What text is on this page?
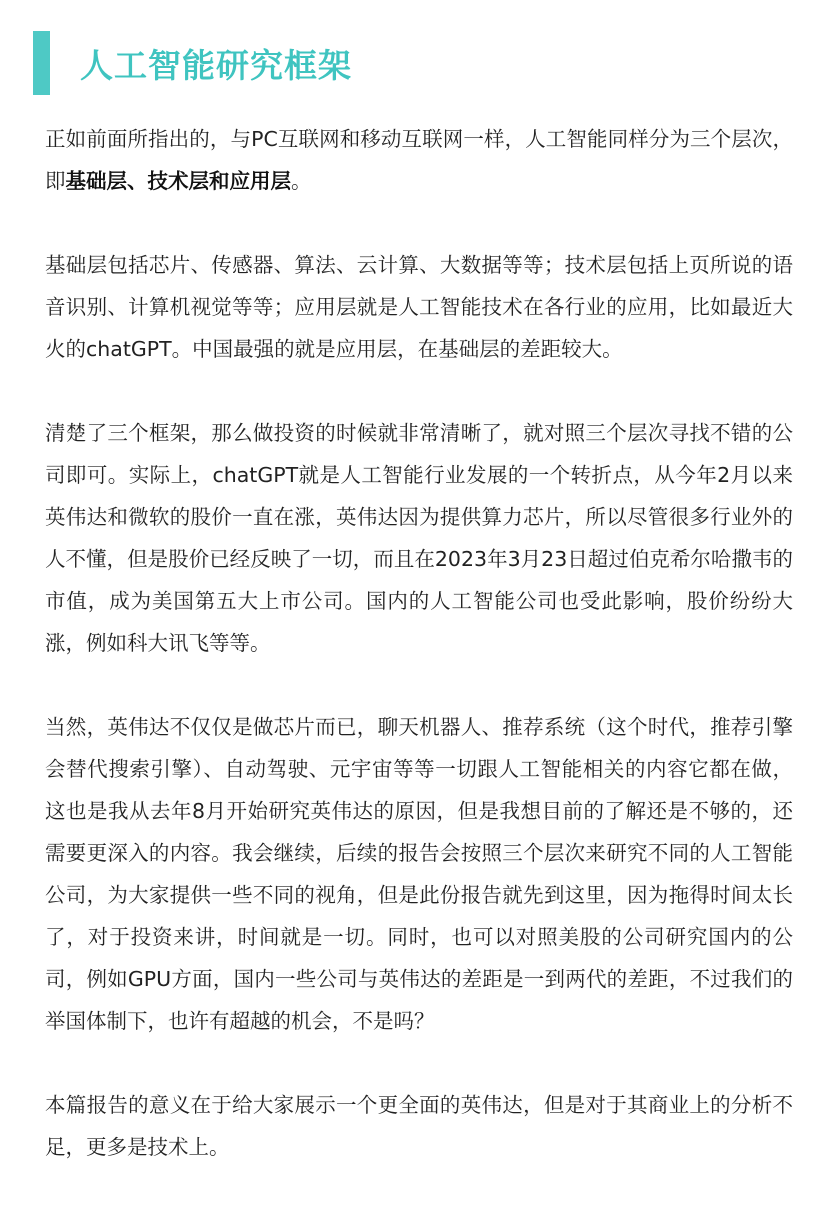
人工智能研究框架

正如前面所指出的，与PC互联网和移动互联网一样，人工智能同样分为三个层次，即基础层、技术层和应用层。

基础层包括芯片、传感器、算法、云计算、大数据等等；技术层包括上页所说的语音识别、计算机视觉等等；应用层就是人工智能技术在各行业的应用，比如最近大火的chatGPT。中国最强的就是应用层，在基础层的差距较大。

清楚了三个框架，那么做投资的时候就非常清晰了，就对照三个层次寻找不错的公司即可。实际上，chatGPT就是人工智能行业发展的一个转折点，从今年2月以来英伟达和微软的股价一直在涨，英伟达因为提供算力芯片，所以尽管很多行业外的人不懂，但是股价已经反映了一切，而且在2023年3月23日超过伯克希尔哈撒韦的市值，成为美国第五大上市公司。国内的人工智能公司也受此影响，股价纷纷大涨，例如科大讯飞等等。

当然，英伟达不仅仅是做芯片而已，聊天机器人、推荐系统（这个时代，推荐引擎会替代搜索引擎）、自动驾驶、元宇宙等等一切跟人工智能相关的内容它都在做，这也是我从去年8月开始研究英伟达的原因，但是我想目前的了解还是不够的，还需要更深入的内容。我会继续，后续的报告会按照三个层次来研究不同的人工智能公司，为大家提供一些不同的视角，但是此份报告就先到这里，因为拖得时间太长了，对于投资来讲，时间就是一切。同时，也可以对照美股的公司研究国内的公司，例如GPU方面，国内一些公司与英伟达的差距是一到两代的差距，不过我们的举国体制下，也许有超越的机会，不是吗？

本篇报告的意义在于给大家展示一个更全面的英伟达，但是对于其商业上的分析不足，更多是技术上。
